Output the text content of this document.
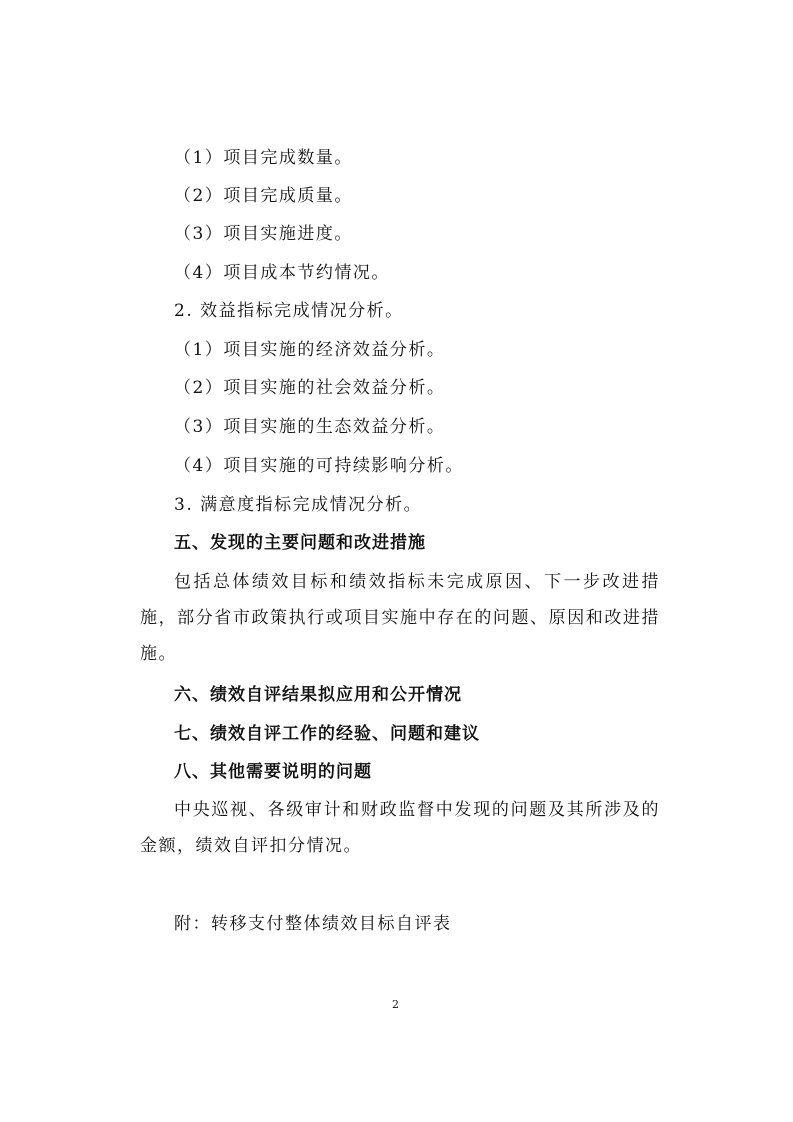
（1）项目完成数量。
（2）项目完成质量。
（3）项目实施进度。
（4）项目成本节约情况。
2. 效益指标完成情况分析。
（1）项目实施的经济效益分析。
（2）项目实施的社会效益分析。
（3）项目实施的生态效益分析。
（4）项目实施的可持续影响分析。
3. 满意度指标完成情况分析。
五、发现的主要问题和改进措施
包括总体绩效目标和绩效指标未完成原因、下一步改进措施，部分省市政策执行或项目实施中存在的问题、原因和改进措施。
六、绩效自评结果拟应用和公开情况
七、绩效自评工作的经验、问题和建议
八、其他需要说明的问题
中央巡视、各级审计和财政监督中发现的问题及其所涉及的金额，绩效自评扣分情况。
附：转移支付整体绩效目标自评表
2
